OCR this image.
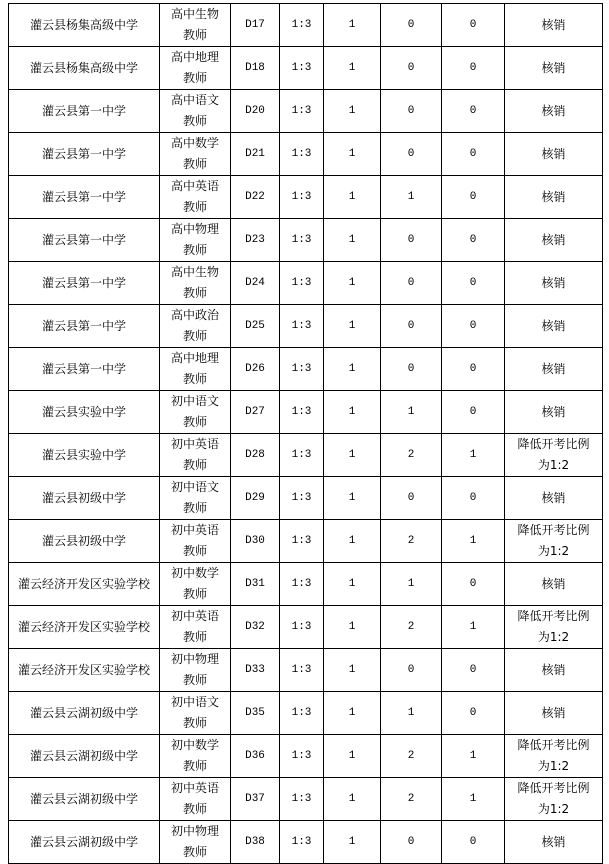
灌云县杨集高级中学	高中生物教师	D17	1:3	1	0	0	核销
灌云县杨集高级中学	高中地理教师	D18	1:3	1	0	0	核销
灌云县第一中学	高中语文教师	D20	1:3	1	0	0	核销
灌云县第一中学	高中数学教师	D21	1:3	1	0	0	核销
灌云县第一中学	高中英语教师	D22	1:3	1	1	0	核销
灌云县第一中学	高中物理教师	D23	1:3	1	0	0	核销
灌云县第一中学	高中生物教师	D24	1:3	1	0	0	核销
灌云县第一中学	高中政治教师	D25	1:3	1	0	0	核销
灌云县第一中学	高中地理教师	D26	1:3	1	0	0	核销
灌云县实验中学	初中语文教师	D27	1:3	1	1	0	核销
灌云县实验中学	初中英语教师	D28	1:3	1	2	1	降低开考比例为1:2
灌云县初级中学	初中语文教师	D29	1:3	1	0	0	核销
灌云县初级中学	初中英语教师	D30	1:3	1	2	1	降低开考比例为1:2
灌云经济开发区实验学校	初中数学教师	D31	1:3	1	1	0	核销
灌云经济开发区实验学校	初中英语教师	D32	1:3	1	2	1	降低开考比例为1:2
灌云经济开发区实验学校	初中物理教师	D33	1:3	1	0	0	核销
灌云县云湖初级中学	初中语文教师	D35	1:3	1	1	0	核销
灌云县云湖初级中学	初中数学教师	D36	1:3	1	2	1	降低开考比例为1:2
灌云县云湖初级中学	初中英语教师	D37	1:3	1	2	1	降低开考比例为1:2
灌云县云湖初级中学	初中物理教师	D38	1:3	1	0	0	核销
